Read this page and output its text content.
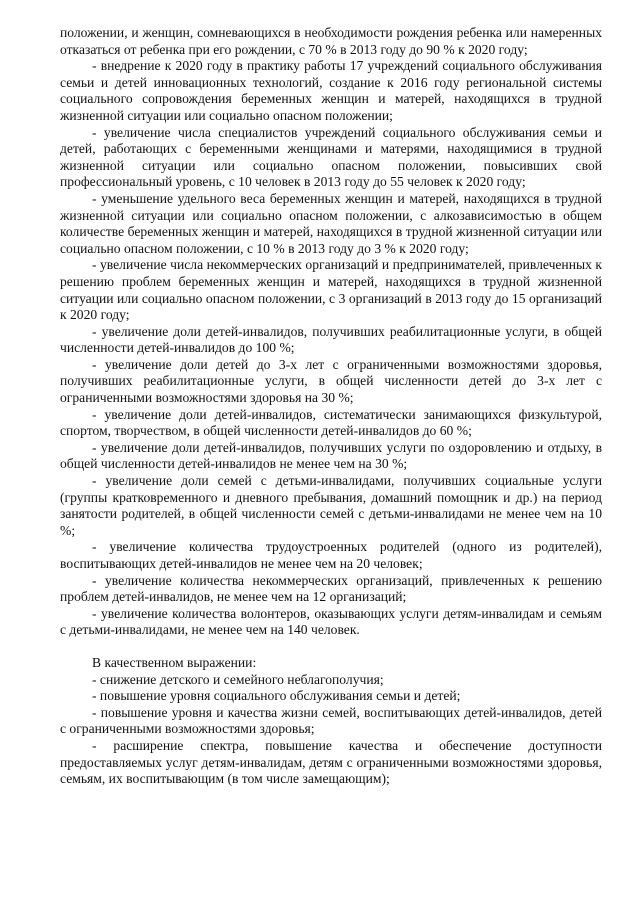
положении, и женщин, сомневающихся в необходимости рождения ребенка или намеренных отказаться от ребенка при его рождении, с 70 % в 2013 году до 90 % к 2020 году;

- внедрение к 2020 году в практику работы 17 учреждений социального обслуживания семьи и детей инновационных технологий, создание к 2016 году региональной системы социального сопровождения беременных женщин и матерей, находящихся в трудной жизненной ситуации или социально опасном положении;

- увеличение числа специалистов учреждений социального обслуживания семьи и детей, работающих с беременными женщинами и матерями, находящимися в трудной жизненной ситуации или социально опасном положении, повысивших свой профессиональный уровень, с 10 человек в 2013 году до 55 человек к 2020 году;

- уменьшение удельного веса беременных женщин и матерей, находящихся в трудной жизненной ситуации или социально опасном положении, с алкозависимостью в общем количестве беременных женщин и матерей, находящихся в трудной жизненной ситуации или социально опасном положении, с 10 % в 2013 году до 3 % к 2020 году;

- увеличение числа некоммерческих организаций и предпринимателей, привлеченных к решению проблем беременных женщин и матерей, находящихся в трудной жизненной ситуации или социально опасном положении, с 3 организаций в 2013 году до 15 организаций к 2020 году;

- увеличение доли детей-инвалидов, получивших реабилитационные услуги, в общей численности детей-инвалидов до 100 %;

- увеличение доли детей до 3-х лет с ограниченными возможностями здоровья, получивших реабилитационные услуги, в общей численности детей до 3-х лет с ограниченными возможностями здоровья на 30 %;

- увеличение доли детей-инвалидов, систематически занимающихся физкультурой, спортом, творчеством, в общей численности детей-инвалидов до 60 %;

- увеличение доли детей-инвалидов, получивших услуги по оздоровлению и отдыху, в общей численности детей-инвалидов не менее чем на 30 %;

- увеличение доли семей с детьми-инвалидами, получивших социальные услуги (группы кратковременного и дневного пребывания, домашний помощник и др.) на период занятости родителей, в общей численности семей с детьми-инвалидами не менее чем на 10 %;

- увеличение количества трудоустроенных родителей (одного из родителей), воспитывающих детей-инвалидов не менее чем на 20 человек;

- увеличение количества некоммерческих организаций, привлеченных к решению проблем детей-инвалидов, не менее чем на 12 организаций;

- увеличение количества волонтеров, оказывающих услуги детям-инвалидам и семьям с детьми-инвалидами, не менее чем на 140 человек.

В качественном выражении:

- снижение детского и семейного неблагополучия;

- повышение уровня социального обслуживания семьи и детей;

- повышение уровня и качества жизни семей, воспитывающих детей-инвалидов, детей с ограниченными возможностями здоровья;

- расширение спектра, повышение качества и обеспечение доступности предоставляемых услуг детям-инвалидам, детям с ограниченными возможностями здоровья, семьям, их воспитывающим (в том числе замещающим);
